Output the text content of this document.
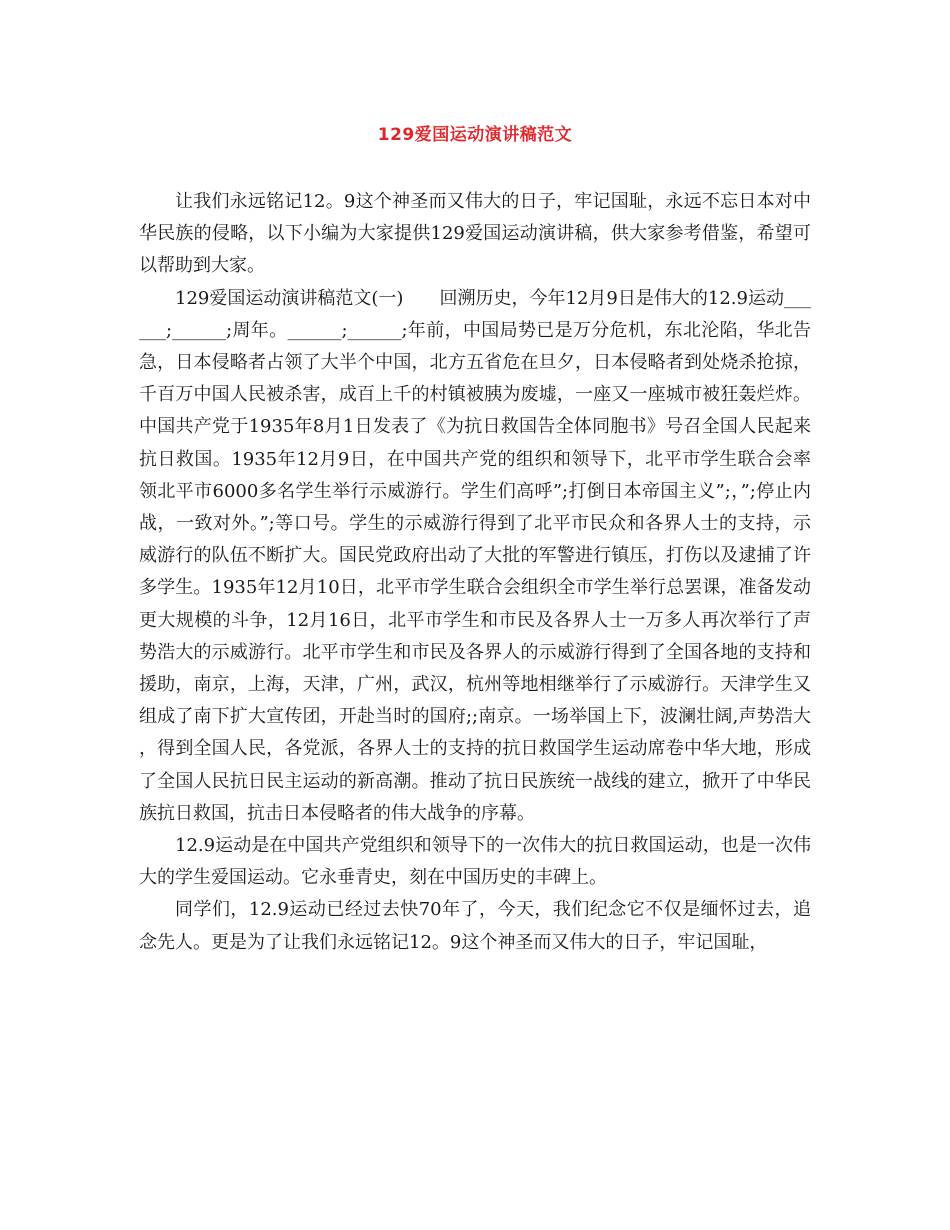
129爱国运动演讲稿范文

让我们永远铭记12。9这个神圣而又伟大的日子，牢记国耻，永远不忘日本对中华民族的侵略，以下小编为大家提供129爱国运动演讲稿，供大家参考借鉴，希望可以帮助到大家。

129爱国运动演讲稿范文(一)　　回溯历史，今年12月9日是伟大的12.9运动______;______;周年。______;______;年前，中国局势已是万分危机，东北沦陷，华北告急，日本侵略者占领了大半个中国，北方五省危在旦夕，日本侵略者到处烧杀抢掠，千百万中国人民被杀害，成百上千的村镇被胰为废墟，一座又一座城市被狂轰烂炸。中国共产党于1935年8月1日发表了《为抗日救国告全体同胞书》号召全国人民起来抗日救国。1935年12月9日，在中国共产党的组织和领导下，北平市学生联合会率领北平市6000多名学生举行示威游行。学生们高呼”;打倒日本帝国主义”;，”;停止内战，一致对外。”;等口号。学生的示威游行得到了北平市民众和各界人士的支持，示威游行的队伍不断扩大。国民党政府出动了大批的军警进行镇压，打伤以及逮捕了许多学生。1935年12月10日，北平市学生联合会组织全市学生举行总罢课，准备发动更大规模的斗争，12月16日，北平市学生和市民及各界人士一万多人再次举行了声势浩大的示威游行。北平市学生和市民及各界人的示威游行得到了全国各地的支持和援助，南京，上海，天津，广州，武汉，杭州等地相继举行了示威游行。天津学生又组成了南下扩大宣传团，开赴当时的国府;;南京。一场举国上下，波澜壮阔,声势浩大，得到全国人民，各党派，各界人士的支持的抗日救国学生运动席卷中华大地，形成了全国人民抗日民主运动的新高潮。推动了抗日民族统一战线的建立，掀开了中华民族抗日救国，抗击日本侵略者的伟大战争的序幕。

12.9运动是在中国共产党组织和领导下的一次伟大的抗日救国运动，也是一次伟大的学生爱国运动。它永垂青史，刻在中国历史的丰碑上。

同学们，12.9运动已经过去快70年了，今天，我们纪念它不仅是缅怀过去，追念先人。更是为了让我们永远铭记12。9这个神圣而又伟大的日子，牢记国耻，
